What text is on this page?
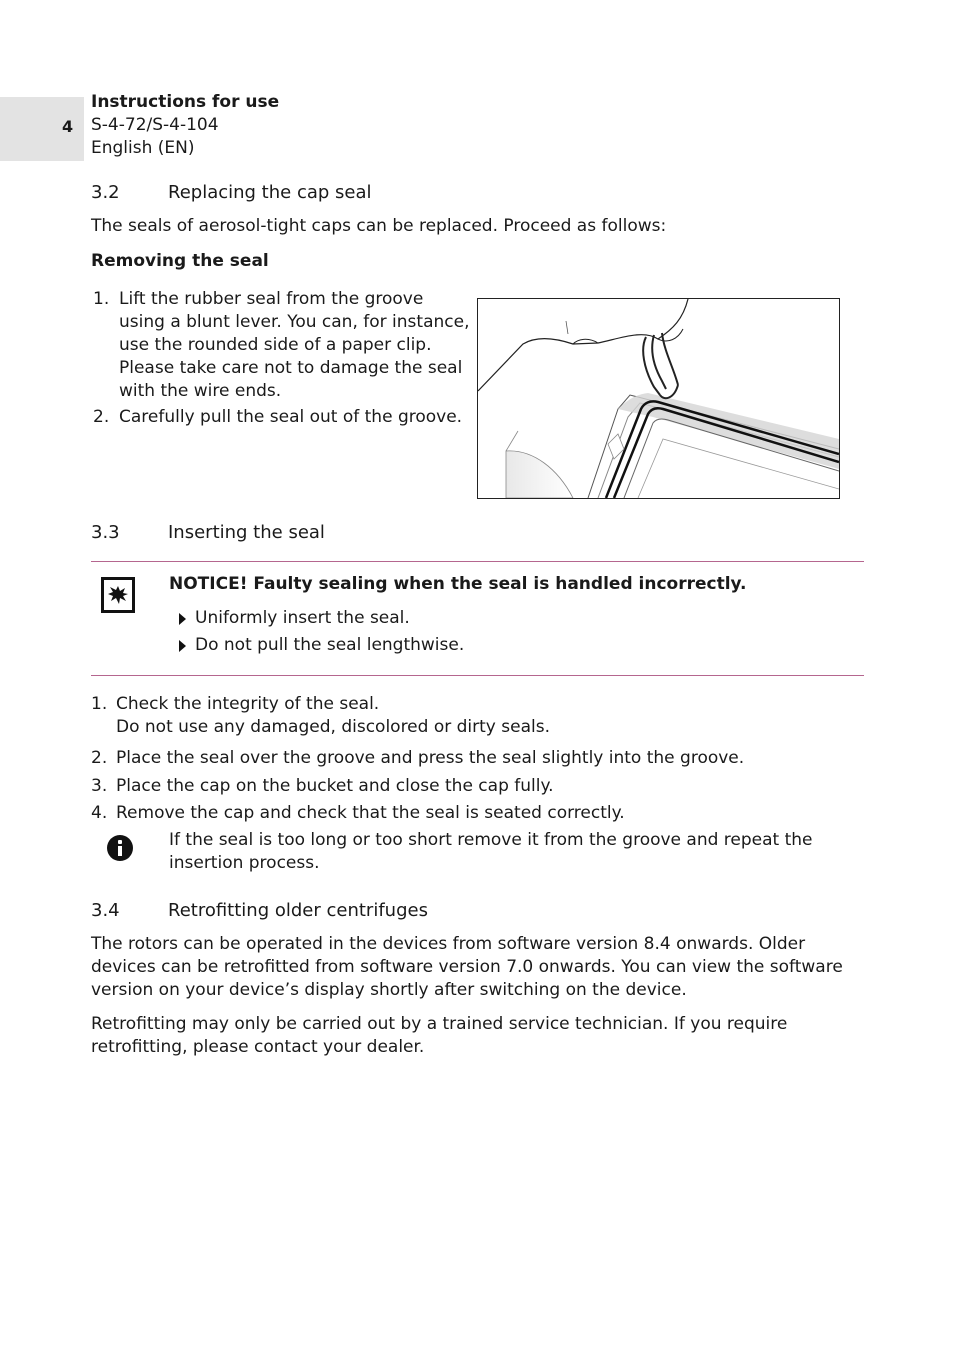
4
Instructions for use
S-4-72/S-4-104
English (EN)
3.2	Replacing the cap seal
The seals of aerosol-tight caps can be replaced. Proceed as follows:
Removing the seal
1. Lift the rubber seal from the groove
using a blunt lever. You can, for instance,
use the rounded side of a paper clip.
Please take care not to damage the seal
with the wire ends.
2. Carefully pull the seal out of the groove.
3.3	Inserting the seal
NOTICE! Faulty sealing when the seal is handled incorrectly.
Uniformly insert the seal.
Do not pull the seal lengthwise.
1. Check the integrity of the seal.
Do not use any damaged, discolored or dirty seals.
2. Place the seal over the groove and press the seal slightly into the groove.
3. Place the cap on the bucket and close the cap fully.
4. Remove the cap and check that the seal is seated correctly.
If the seal is too long or too short remove it from the groove and repeat the
insertion process.
3.4	Retrofitting older centrifuges
The rotors can be operated in the devices from software version 8.4 onwards. Older
devices can be retrofitted from software version 7.0 onwards. You can view the software
version on your device’s display shortly after switching on the device.
Retrofitting may only be carried out by a trained service technician. If you require
retrofitting, please contact your dealer.
